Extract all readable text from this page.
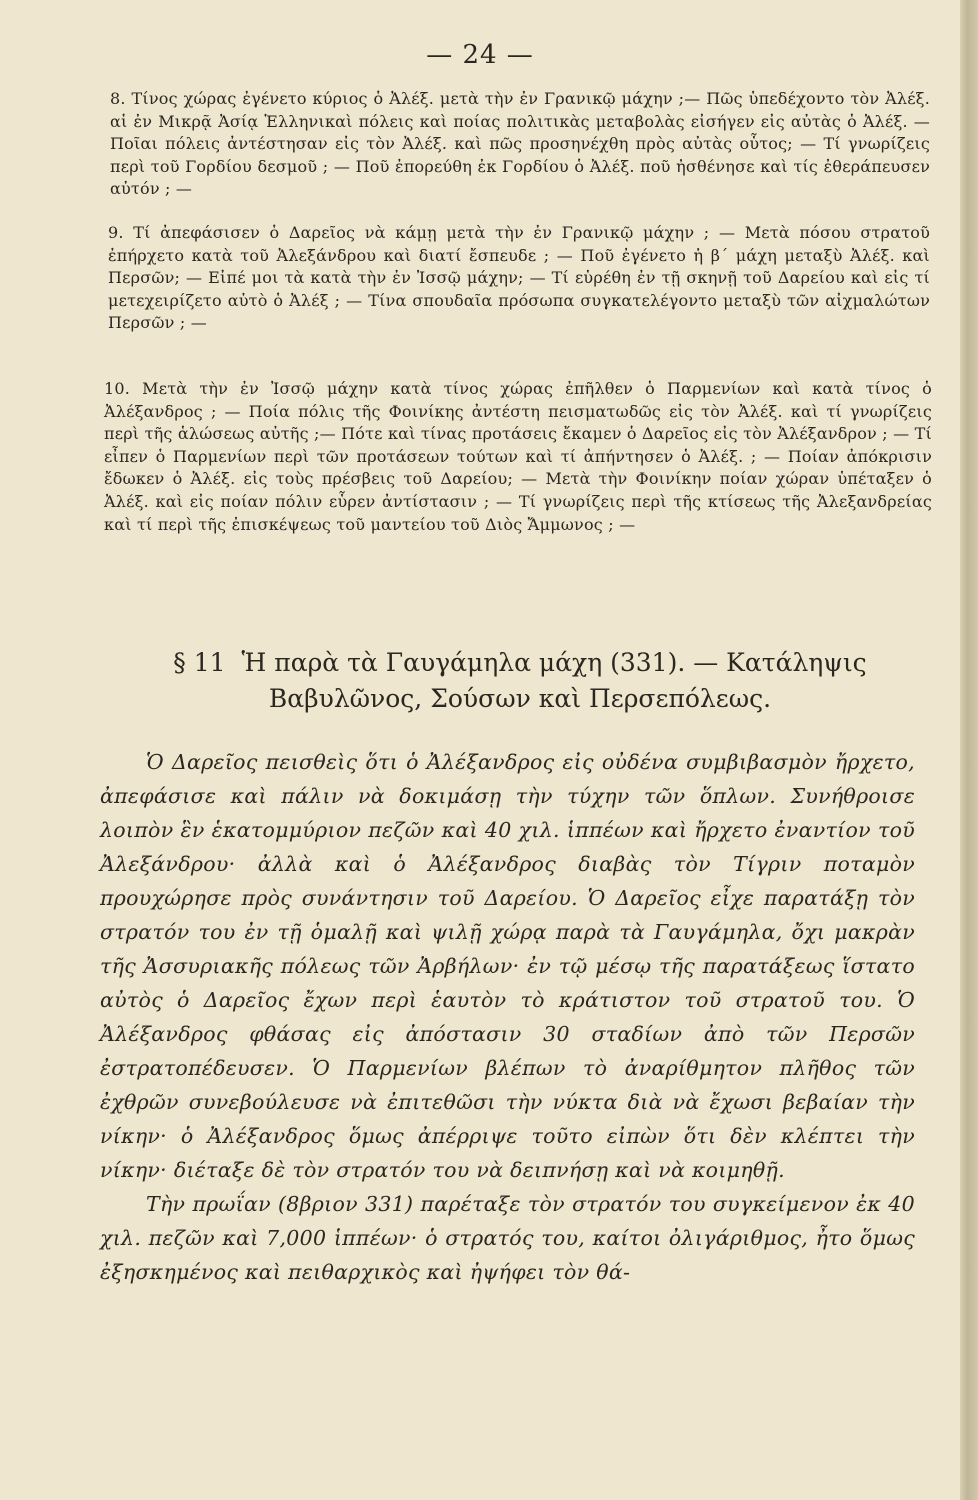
— 24 —

8. Τίνος χώρας ἐγένετο κύριος ὁ Ἀλέξ. μετὰ τὴν ἐν Γρανικῷ μάχην ;— Πῶς ὑπεδέχοντο τὸν Ἀλέξ. αἱ ἐν Μικρᾷ Ἀσίᾳ Ἑλληνικαὶ πόλεις καὶ ποίας πολιτικὰς μεταβολὰς εἰσήγεν εἰς αὐτὰς ὁ Ἀλέξ. — Ποῖαι πόλεις ἀντέστησαν εἰς τὸν Ἀλέξ. καὶ πῶς προσηνέχθη πρὸς αὐτὰς οὗτος; — Τί γνωρίζεις περὶ τοῦ Γορδίου δεσμοῦ ; — Ποῦ ἐπορεύθη ἐκ Γορδίου ὁ Ἀλέξ. ποῦ ἠσθένησε καὶ τίς ἐθεράπευσεν αὐτόν ; —

9. Τί ἀπεφάσισεν ὁ Δαρεῖος νὰ κάμῃ μετὰ τὴν ἐν Γρανικῷ μάχην ; — Μετὰ πόσου στρατοῦ ἐπήρχετο κατὰ τοῦ Ἀλεξάνδρου καὶ διατί ἔσπευδε ; — Ποῦ ἐγένετο ἡ β΄ μάχη μεταξὺ Ἀλέξ. καὶ Περσῶν; — Εἰπέ μοι τὰ κατὰ τὴν ἐν Ἰσσῷ μάχην; — Τί εὑρέθη ἐν τῇ σκηνῇ τοῦ Δαρείου καὶ εἰς τί μετεχειρίζετο αὐτὸ ὁ Ἀλέξ ; — Τίνα σπουδαῖα πρόσωπα συγκατελέγοντο μεταξὺ τῶν αἰχμαλώτων Περσῶν ; —

10. Μετὰ τὴν ἐν Ἰσσῷ μάχην κατὰ τίνος χώρας ἐπῆλθεν ὁ Παρμενίων καὶ κατὰ τίνος ὁ Ἀλέξανδρος ; — Ποία πόλις τῆς Φοινίκης ἀντέστη πεισματωδῶς εἰς τὸν Ἀλέξ. καὶ τί γνωρίζεις περὶ τῆς ἁλώσεως αὐτῆς ;— Πότε καὶ τίνας προτάσεις ἔκαμεν ὁ Δαρεῖος εἰς τὸν Ἀλέξανδρον ; — Τί εἶπεν ὁ Παρμενίων περὶ τῶν προτάσεων τούτων καὶ τί ἀπήντησεν ὁ Ἀλέξ. ; — Ποίαν ἀπόκρισιν ἔδωκεν ὁ Ἀλέξ. εἰς τοὺς πρέσβεις τοῦ Δαρείου; — Μετὰ τὴν Φοινίκην ποίαν χώραν ὑπέταξεν ὁ Ἀλέξ. καὶ εἰς ποίαν πόλιν εὗρεν ἀντίστασιν ; — Τί γνωρίζεις περὶ τῆς κτίσεως τῆς Ἀλεξανδρείας καὶ τί περὶ τῆς ἐπισκέψεως τοῦ μαντείου τοῦ Διὸς Ἄμμωνος ; —

§ 11 Ἡ παρὰ τὰ Γαυγάμηλα μάχη (331). — Κατάληψις Βαβυλῶνος, Σούσων καὶ Περσεπόλεως.

Ὁ Δαρεῖος πεισθεὶς ὅτι ὁ Ἀλέξανδρος εἰς οὐδένα συμβιβασμὸν ἤρχετο, ἀπεφάσισε καὶ πάλιν νὰ δοκιμάσῃ τὴν τύχην τῶν ὅπλων. Συνήθροισε λοιπὸν ἓν ἑκατομμύριον πεζῶν καὶ 40 χιλ. ἱππέων καὶ ἤρχετο ἐναντίον τοῦ Ἀλεξάνδρου· ἀλλὰ καὶ ὁ Ἀλέξανδρος διαβὰς τὸν Τίγριν ποταμὸν προυχώρησε πρὸς συνάντησιν τοῦ Δαρείου. Ὁ Δαρεῖος εἶχε παρατάξῃ τὸν στρατόν του ἐν τῇ ὁμαλῇ καὶ ψιλῇ χώρᾳ παρὰ τὰ Γαυγάμηλα, ὄχι μακρὰν τῆς Ἀσσυριακῆς πόλεως τῶν Ἀρβήλων· ἐν τῷ μέσῳ τῆς παρατάξεως ἵστατο αὐτὸς ὁ Δαρεῖος ἔχων περὶ ἑαυτὸν τὸ κράτιστον τοῦ στρατοῦ του. Ὁ Ἀλέξανδρος φθάσας εἰς ἀπόστασιν 30 σταδίων ἀπὸ τῶν Περσῶν ἐστρατοπέδευσεν. Ὁ Παρμενίων βλέπων τὸ ἀναρίθμητον πλῆθος τῶν ἐχθρῶν συνεβούλευσε νὰ ἐπιτεθῶσι τὴν νύκτα διὰ νὰ ἔχωσι βεβαίαν τὴν νίκην· ὁ Ἀλέξανδρος ὅμως ἀπέρριψε τοῦτο εἰπὼν ὅτι δὲν κλέπτει τὴν νίκην· διέταξε δὲ τὸν στρατόν του νὰ δειπνήσῃ καὶ νὰ κοιμηθῇ.

Τὴν πρωΐαν (8βριον 331) παρέταξε τὸν στρατόν του συγκείμενον ἐκ 40 χιλ. πεζῶν καὶ 7,000 ἱππέων· ὁ στρατός του, καίτοι ὀλιγάριθμος, ἦτο ὅμως ἐξησκημένος καὶ πειθαρχικὸς καὶ ἠψήφει τὸν θά-
